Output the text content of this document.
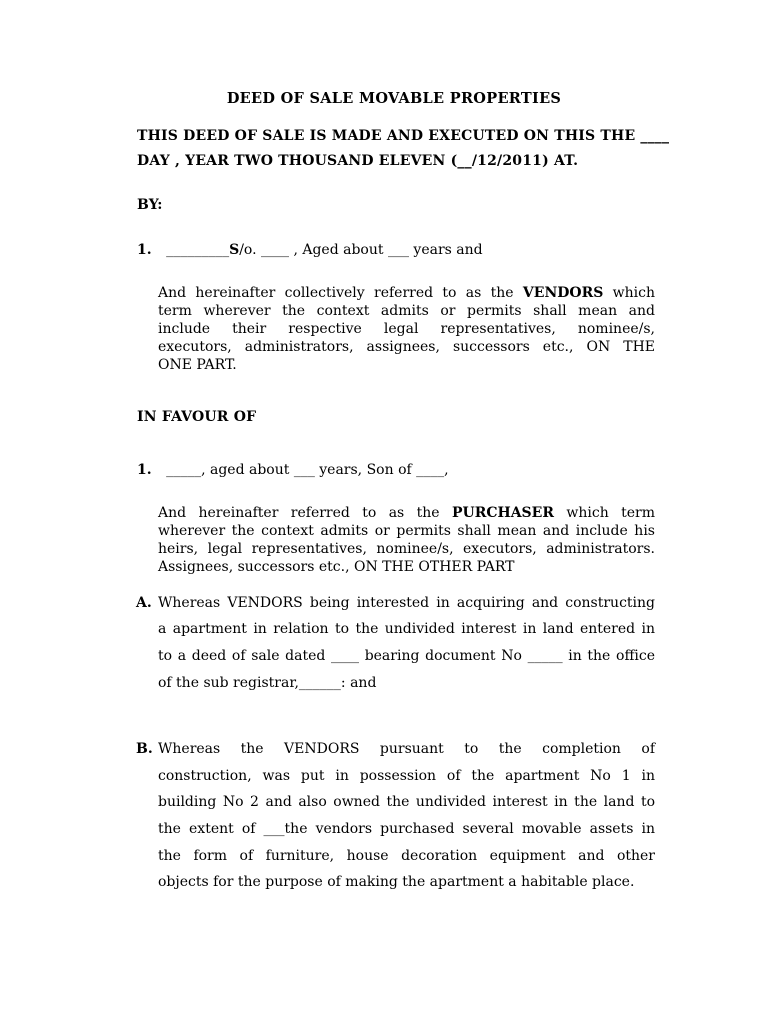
DEED OF SALE MOVABLE PROPERTIES
THIS DEED OF SALE IS MADE AND EXECUTED ON THIS THE ____
DAY , YEAR TWO THOUSAND ELEVEN (__/12/2011) AT.
BY:
1. _________S/o. ____ , Aged about ___ years and
And hereinafter collectively referred to as the VENDORS which
term wherever the context admits or permits shall mean and
include their respective legal representatives, nominee/s,
executors, administrators, assignees, successors etc., ON THE
ONE PART.
IN FAVOUR OF
1. _____, aged about ___ years, Son of ____,
And hereinafter referred to as the PURCHASER which term
wherever the context admits or permits shall mean and include his
heirs, legal representatives, nominee/s, executors, administrators.
Assignees, successors etc., ON THE OTHER PART
A. Whereas VENDORS being interested in acquiring and constructing
a apartment in relation to the undivided interest in land entered in
to a deed of sale dated ____ bearing document No _____ in the office
of the sub registrar,______: and
B. Whereas the VENDORS pursuant to the completion of
construction, was put in possession of the apartment No 1 in
building No 2 and also owned the undivided interest in the land to
the extent of ___the vendors purchased several movable assets in
the form of furniture, house decoration equipment and other
objects for the purpose of making the apartment a habitable place.
